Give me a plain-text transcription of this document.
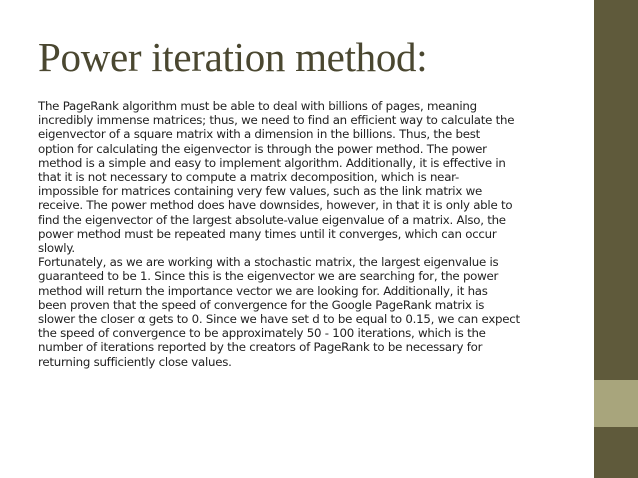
Power iteration method:

The PageRank algorithm must be able to deal with billions of pages, meaning
incredibly immense matrices; thus, we need to find an efficient way to calculate the
eigenvector of a square matrix with a dimension in the billions. Thus, the best
option for calculating the eigenvector is through the power method. The power
method is a simple and easy to implement algorithm. Additionally, it is effective in
that it is not necessary to compute a matrix decomposition, which is near-
impossible for matrices containing very few values, such as the link matrix we
receive. The power method does have downsides, however, in that it is only able to
find the eigenvector of the largest absolute-value eigenvalue of a matrix. Also, the
power method must be repeated many times until it converges, which can occur
slowly.

Fortunately, as we are working with a stochastic matrix, the largest eigenvalue is
guaranteed to be 1. Since this is the eigenvector we are searching for, the power
method will return the importance vector we are looking for. Additionally, it has
been proven that the speed of convergence for the Google PageRank matrix is
slower the closer α gets to 0. Since we have set d to be equal to 0.15, we can expect
the speed of convergence to be approximately 50 - 100 iterations, which is the
number of iterations reported by the creators of PageRank to be necessary for
returning sufficiently close values.
